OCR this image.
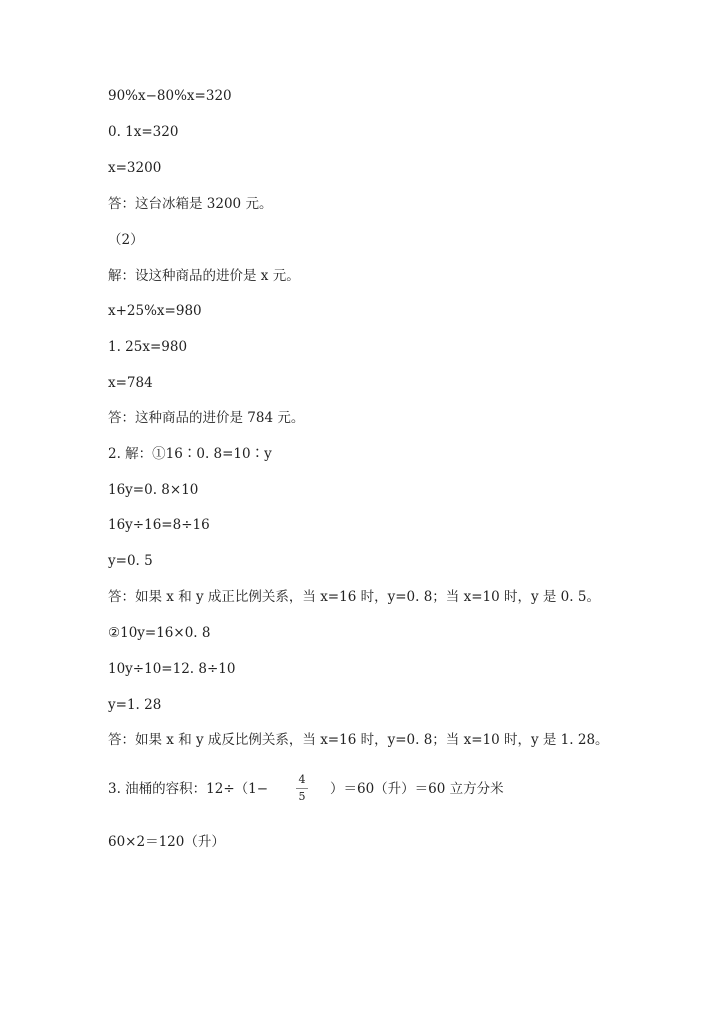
90%x−80%x=320
0. 1x=320
x=3200
答：这台冰箱是 3200 元。
（2）
解：设这种商品的进价是 x 元。
x+25%x=980
1. 25x=980
x=784
答：这种商品的进价是 784 元。
2. 解：①16∶0. 8=10∶y
16y=0. 8×10
16y÷16=8÷16
y=0. 5
答：如果 x 和 y 成正比例关系，当 x=16 时，y=0. 8；当 x=10 时，y 是 0. 5。
②10y=16×0. 8
10y÷10=12. 8÷10
y=1. 28
答：如果 x 和 y 成反比例关系，当 x=16 时，y=0. 8；当 x=10 时，y 是 1. 28。
3. 油桶的容积：12÷（1−
4
5 ）＝60（升）＝60 立方分米
60×2＝120（升）
